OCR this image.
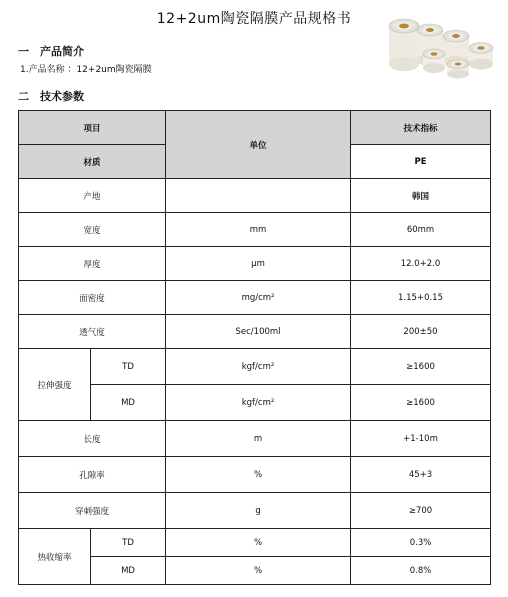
12+2um陶瓷隔膜产品规格书
一 产品简介
1.产品名称 ：12+2um陶瓷隔膜
二 技术参数
项目		单位	技术指标
材质			PE
产地			韩国
宽度		mm	60mm
厚度		μm	12.0+2.0
面密度		mg/cm²	1.15+0.15
透气度		Sec/100ml	200±50
拉伸强度	TD	kgf/cm²	≥1600
	MD	kgf/cm²	≥1600
长度		m	+1-10m
孔隙率		%	45+3
穿刺强度		g	≥700
热收缩率	TD	%	0.3%
	MD	%	0.8%
